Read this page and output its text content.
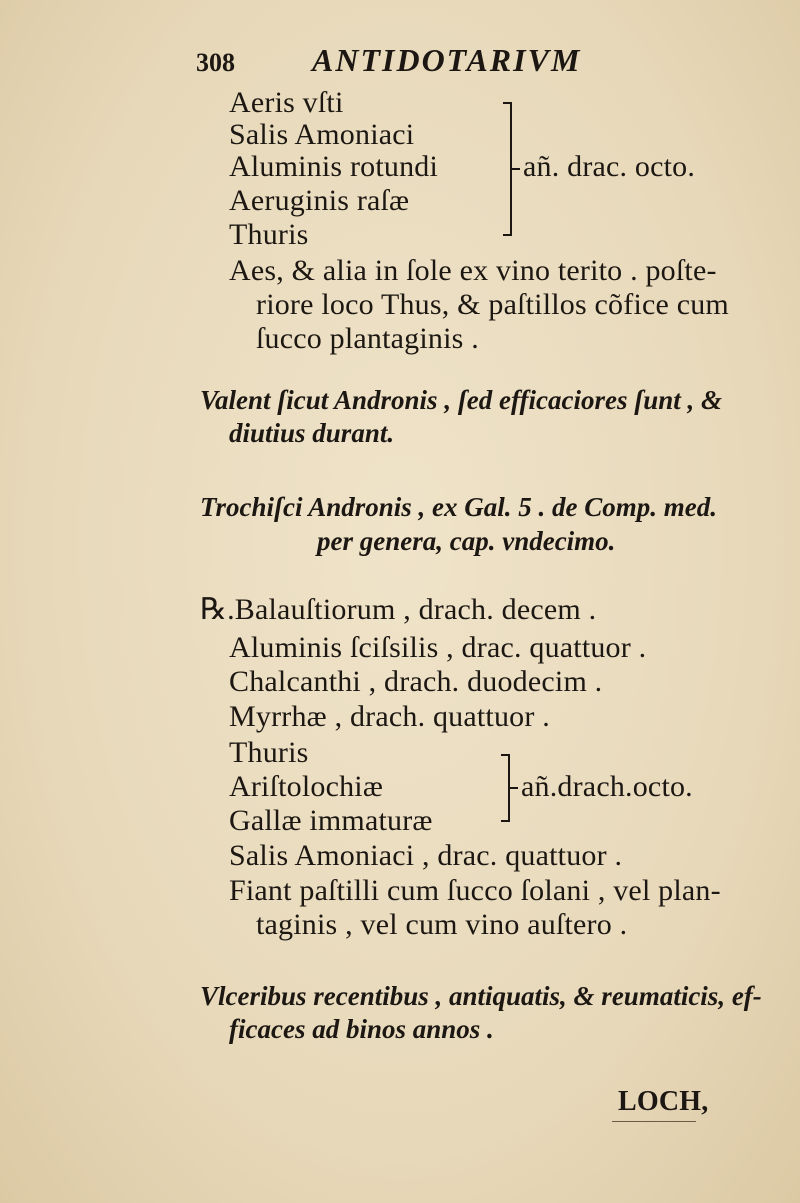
308 ANTIDOTARIVM
Aeris vſti
Salis Amoniaci
Aluminis rotundi
Aeruginis raſæ
Thuris
añ. drac. octo.
Aes, & alia in ſole ex vino terito . poſte-
riore loco Thus, & paſtillos cõfice cum
ſucco plantaginis .
Valent ſicut Andronis , ſed efficaciores ſunt , &
diutius durant.
Trochiſci Andronis , ex Gal. 5 . de Comp. med.
per genera, cap. vndecimo.
℞.Balauſtiorum , drach. decem .
Aluminis ſciſsilis , drac. quattuor .
Chalcanthi , drach. duodecim .
Myrrhæ , drach. quattuor .
Thuris
Ariſtolochiæ
Gallæ immaturæ
añ.drach.octo.
Salis Amoniaci , drac. quattuor .
Fiant paſtilli cum ſucco ſolani , vel plan-
taginis , vel cum vino auſtero .
Vlceribus recentibus , antiquatis, & reumaticis, ef-
ficaces ad binos annos .
LOCH,
